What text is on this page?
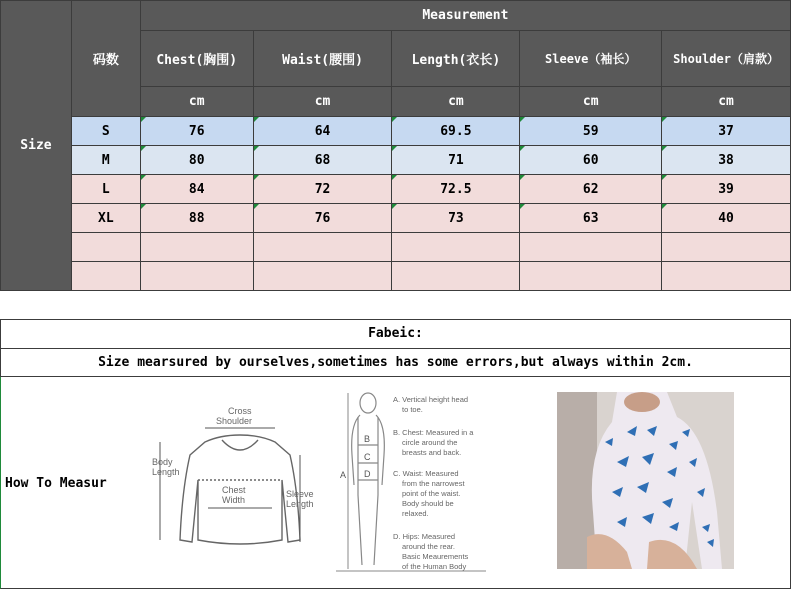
Size	码数	Measurement				
		Chest(胸围)	Waist(腰围)	Length(衣长)	Sleeve（袖长）	Shoulder（肩款）
		cm	cm	cm	cm	cm
	S	76	64	69.5	59	37
	M	80	68	71	60	38
	L	84	72	72.5	62	39
	XL	88	76	73	63	40

Fabeic:
Size mearsured by ourselves,sometimes has some errors,but always within 2cm.
How To Measur
Cross
Shoulder
Body
Length
Chest
Width
Sleeve
Length
A
B
C
D
A. Vertical height head
to toe.
B. Chest: Measured in a
circle around the
breasts and back.
C. Waist: Measured
from the narrowest
point of the waist.
Body should be
relaxed.
D. Hips: Measured
around the rear.
Basic Meaurements
of the Human Body
